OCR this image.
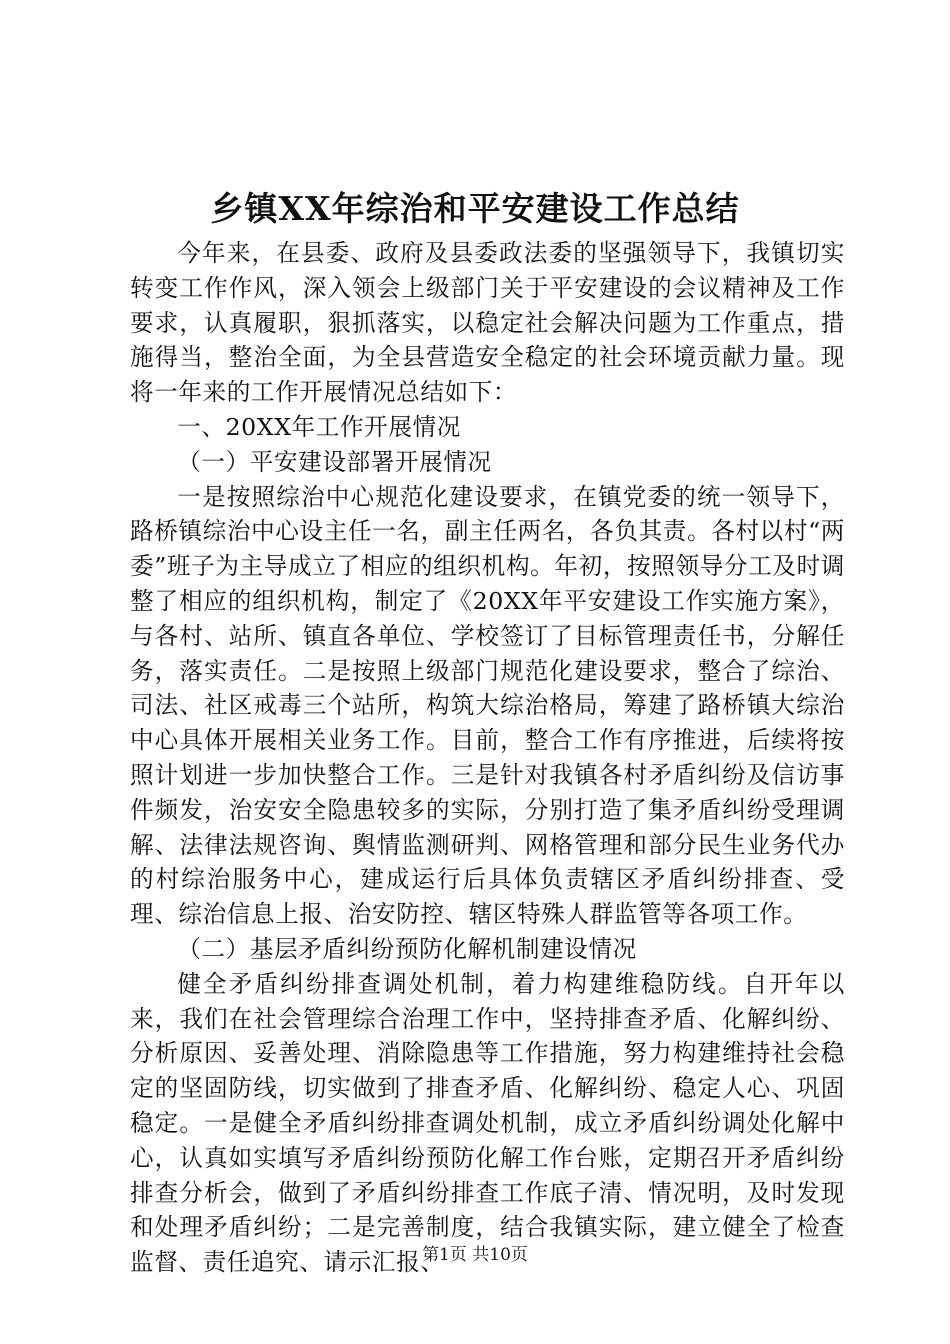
乡镇XX年综治和平安建设工作总结

今年来，在县委、政府及县委政法委的坚强领导下，我镇切实转变工作作风，深入领会上级部门关于平安建设的会议精神及工作要求，认真履职，狠抓落实，以稳定社会解决问题为工作重点，措施得当，整治全面，为全县营造安全稳定的社会环境贡献力量。现将一年来的工作开展情况总结如下：

一、20XX年工作开展情况

（一）平安建设部署开展情况

一是按照综治中心规范化建设要求，在镇党委的统一领导下，路桥镇综治中心设主任一名，副主任两名，各负其责。各村以村“两委”班子为主导成立了相应的组织机构。年初，按照领导分工及时调整了相应的组织机构，制定了《20XX年平安建设工作实施方案》，与各村、站所、镇直各单位、学校签订了目标管理责任书，分解任务，落实责任。二是按照上级部门规范化建设要求，整合了综治、司法、社区戒毒三个站所，构筑大综治格局，筹建了路桥镇大综治中心具体开展相关业务工作。目前，整合工作有序推进，后续将按照计划进一步加快整合工作。三是针对我镇各村矛盾纠纷及信访事件频发，治安安全隐患较多的实际，分别打造了集矛盾纠纷受理调解、法律法规咨询、舆情监测研判、网格管理和部分民生业务代办的村综治服务中心，建成运行后具体负责辖区矛盾纠纷排查、受理、综治信息上报、治安防控、辖区特殊人群监管等各项工作。

（二）基层矛盾纠纷预防化解机制建设情况

健全矛盾纠纷排查调处机制，着力构建维稳防线。自开年以来，我们在社会管理综合治理工作中，坚持排查矛盾、化解纠纷、分析原因、妥善处理、消除隐患等工作措施，努力构建维持社会稳定的坚固防线，切实做到了排查矛盾、化解纠纷、稳定人心、巩固稳定。一是健全矛盾纠纷排查调处机制，成立矛盾纠纷调处化解中心，认真如实填写矛盾纠纷预防化解工作台账，定期召开矛盾纠纷排查分析会，做到了矛盾纠纷排查工作底子清、情况明，及时发现和处理矛盾纠纷；二是完善制度，结合我镇实际，建立健全了检查监督、责任追究、请示汇报、

第1页 共10页
